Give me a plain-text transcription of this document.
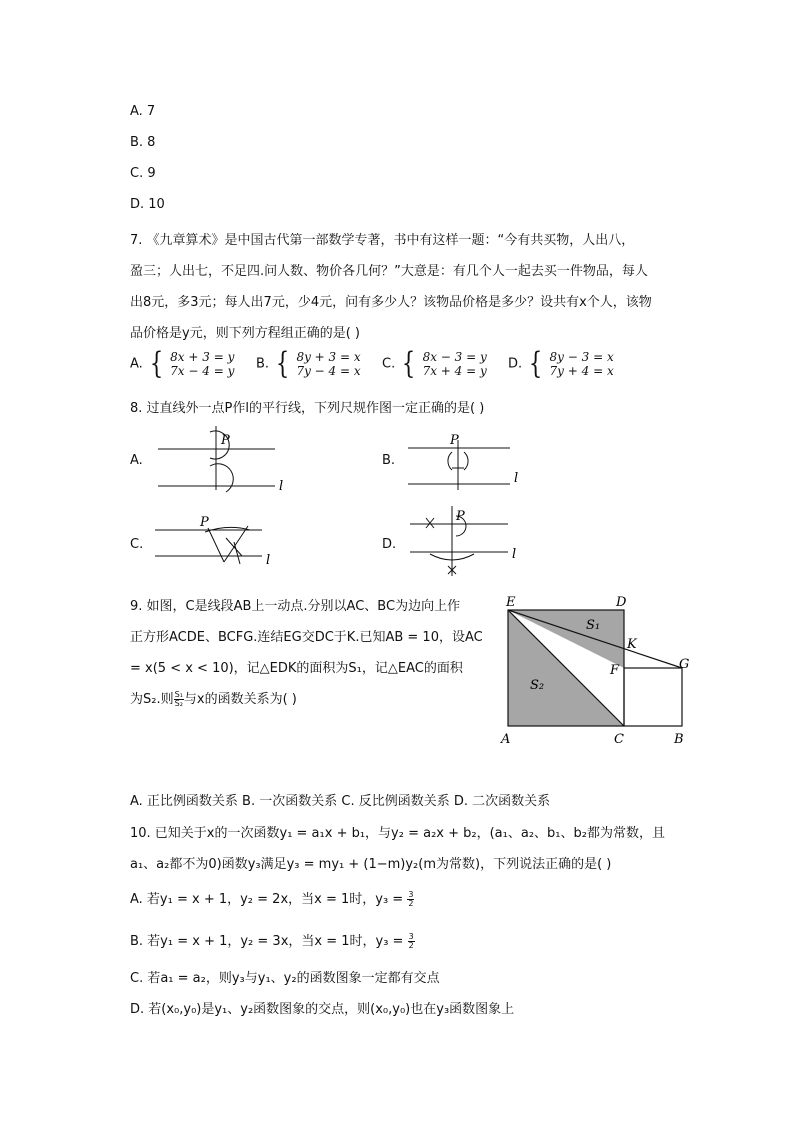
A. 7
B. 8
C. 9
D. 10
7. 《九章算术》是中国古代第一部数学专著，书中有这样一题：“今有共买物，人出八，
盈三；人出七，不足四.问人数、物价各几何？”大意是：有几个人一起去买一件物品，每人
出8元，多3元；每人出7元，少4元，问有多少人？该物品价格是多少？设共有x个人，该物
品价格是y元，则下列方程组正确的是( )
A. { 8x + 3 = y
7x − 4 = y B. { 8y + 3 = x
7y − 4 = x C. { 8x − 3 = y
7x + 4 = y D. { 8y − 3 = x
7y + 4 = x
8. 过直线外一点P作l的平行线，下列尺规作图一定正确的是( )
A.
P
l
B.
P
l
C.
P
l
D.
P
l
9. 如图，C是线段AB上一动点.分别以AC、BC为边向上作
正方形ACDE、BCFG.连结EG交DC于K.已知AB = 10，设AC
= x(5 < x < 10)，记△EDK的面积为S₁，记△EAC的面积
为S₂.则 $\frac{\text{S₁}}{\text{S₂}}$ 与x的函数关系为( )
E	D
K
F	G
A	C	B
S₁
S₂
A. 正比例函数关系 B. 一次函数关系 C. 反比例函数关系 D. 二次函数关系
10. 已知关于x的一次函数y₁ = a₁x + b₁，与y₂ = a₂x + b₂，(a₁、a₂、b₁、b₂都为常数，且
a₁、a₂都不为0)函数y₃满足y₃ = my₁ + (1−m)y₂(m为常数)，下列说法正确的是( )
A. 若y₁ = x + 1，y₂ = 2x，当x = 1时，$y_3 = \frac{3}{2}$
B. 若y₁ = x + 1，y₂ = 3x，当x = 1时，$y_3 = \frac{3}{2}$
C. 若a₁ = a₂，则y₃与y₁、y₂的函数图象一定都有交点
D. 若(x₀,y₀)是y₁、y₂函数图象的交点，则(x₀,y₀)也在y₃函数图象上
